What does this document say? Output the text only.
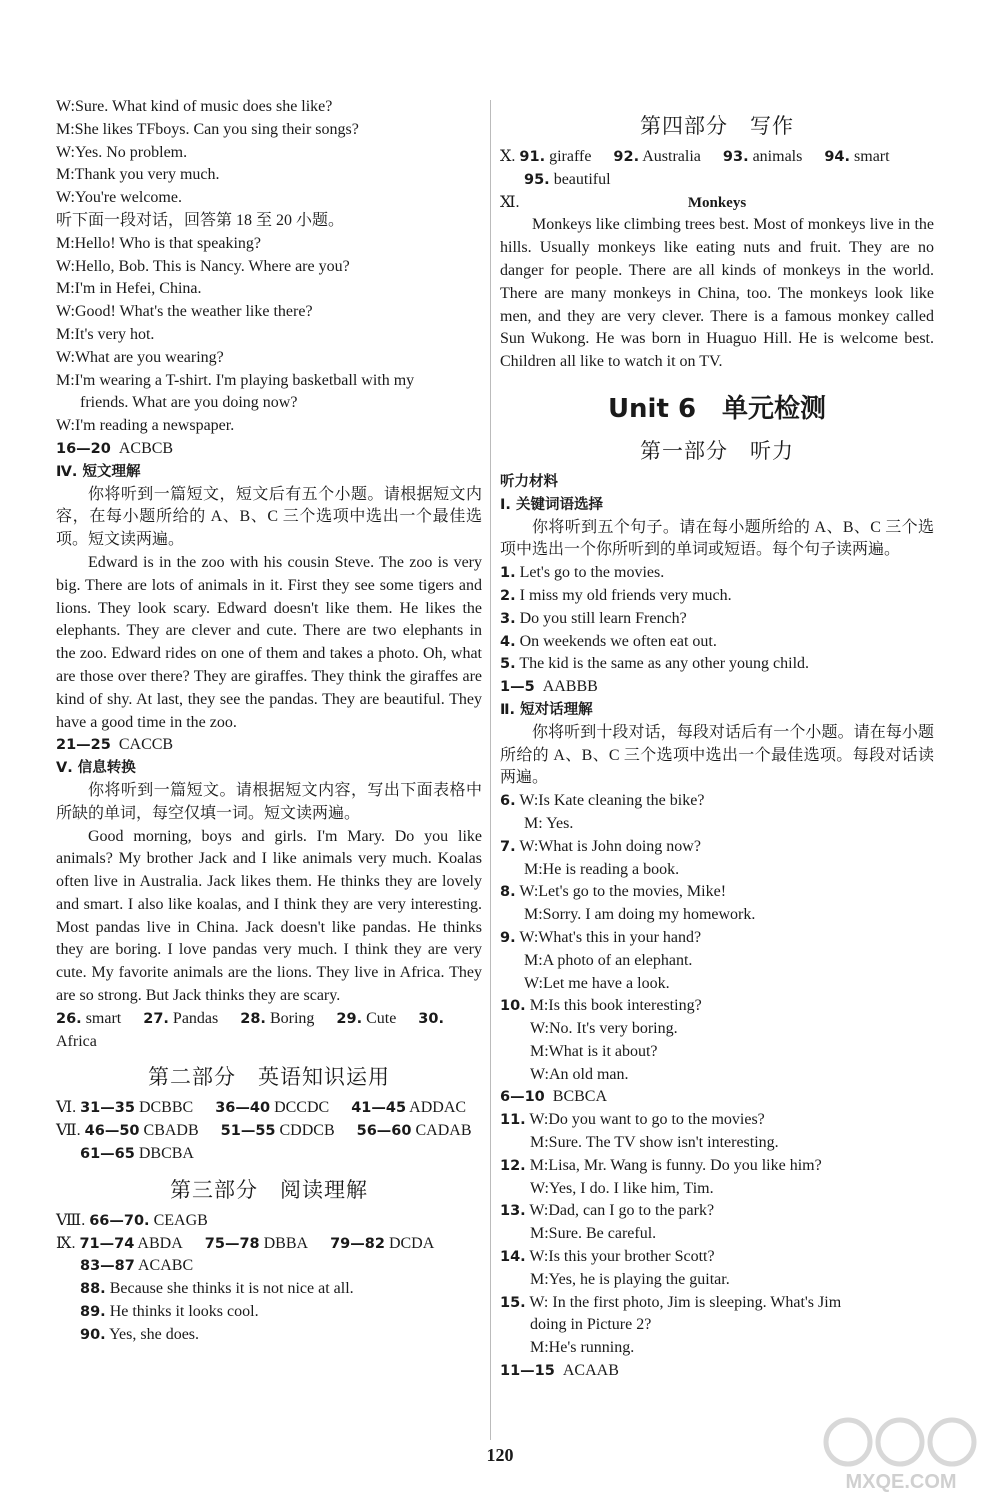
W:Sure. What kind of music does she like?

M:She likes TFboys. Can you sing their songs?

W:Yes. No problem.

M:Thank you very much.

W:You're welcome.

听下面一段对话，回答第 18 至 20 小题。

M:Hello! Who is that speaking?

W:Hello, Bob. This is Nancy. Where are you?

M:I'm in Hefei, China.

W:Good! What's the weather like there?

M:It's very hot.

W:What are you wearing?

M:I'm wearing a T-shirt. I'm playing basketball with my

friends. What are you doing now?

W:I'm reading a newspaper.

16—20 ACBCB

Ⅳ. 短文理解

你将听到一篇短文，短文后有五个小题。请根据短文内容，在每小题所给的 A、B、C 三个选项中选出一个最佳选项。短文读两遍。

Edward is in the zoo with his cousin Steve. The zoo is very big. There are lots of animals in it. First they see some tigers and lions. They look scary. Edward doesn't like them. He likes the elephants. They are clever and cute. There are two elephants in the zoo. Edward rides on one of them and takes a photo. Oh, what are those over there? They are giraffes. They think the giraffes are kind of shy. At last, they see the pandas. They are beautiful. They have a good time in the zoo.

21—25 CACCB

Ⅴ. 信息转换

你将听到一篇短文。请根据短文内容，写出下面表格中所缺的单词，每空仅填一词。短文读两遍。

Good morning, boys and girls. I'm Mary. Do you like animals? My brother Jack and I like animals very much. Koalas often live in Australia. Jack likes them. He thinks they are lovely and smart. I also like koalas, and I think they are very interesting. Most pandas live in China. Jack doesn't like pandas. He thinks they are boring. I love pandas very much. I think they are very cute. My favorite animals are the lions. They live in Africa. They are so strong. But Jack thinks they are scary.

26. smart 27. Pandas 28. Boring 29. Cute 30. Africa

第二部分　英语知识运用

Ⅵ. 31—35 DCBBC 36—40 DCCDC 41—45 ADDAC

Ⅶ. 46—50 CBADB 51—55 CDDCB 56—60 CADAB

61—65 DBCBA

第三部分　阅读理解

Ⅷ. 66—70. CEAGB

Ⅸ. 71—74 ABDA 75—78 DBBA 79—82 DCDA

83—87 ACABC

88. Because she thinks it is not nice at all.

89. He thinks it looks cool.

90. Yes, she does.

第四部分　写作

Ⅹ. 91. giraffe 92. Australia 93. animals 94. smart

95. beautiful

Ⅺ.	Monkeys

Monkeys like climbing trees best. Most of monkeys live in the hills. Usually monkeys like eating nuts and fruit. They are no danger for people. There are all kinds of monkeys in the world. There are many monkeys in China, too. The monkeys look like men, and they are very clever. There is a famous monkey called Sun Wukong. He was born in Huaguo Hill. He is welcome best. Children all like to watch it on TV.

Unit 6　单元检测

第一部分　听力

听力材料

Ⅰ. 关键词语选择

你将听到五个句子。请在每小题所给的 A、B、C 三个选项中选出一个你所听到的单词或短语。每个句子读两遍。

1. Let's go to the movies.

2. I miss my old friends very much.

3. Do you still learn French?

4. On weekends we often eat out.

5. The kid is the same as any other young child.

1—5 AABBB

Ⅱ. 短对话理解

你将听到十段对话，每段对话后有一个小题。请在每小题所给的 A、B、C 三个选项中选出一个最佳选项。每段对话读两遍。

6. W:Is Kate cleaning the bike?

M: Yes.

7. W:What is John doing now?

M:He is reading a book.

8. W:Let's go to the movies, Mike!

M:Sorry. I am doing my homework.

9. W:What's this in your hand?

M:A photo of an elephant.

W:Let me have a look.

10. M:Is this book interesting?

W:No. It's very boring.

M:What is it about?

W:An old man.

6—10 BCBCA

11. W:Do you want to go to the movies?

M:Sure. The TV show isn't interesting.

12. M:Lisa, Mr. Wang is funny. Do you like him?

W:Yes, I do. I like him, Tim.

13. W:Dad, can I go to the park?

M:Sure. Be careful.

14. W:Is this your brother Scott?

M:Yes, he is playing the guitar.

15. W: In the first photo, Jim is sleeping. What's Jim

doing in Picture 2?

M:He's running.

11—15 ACAAB

120
MXQE.COM
